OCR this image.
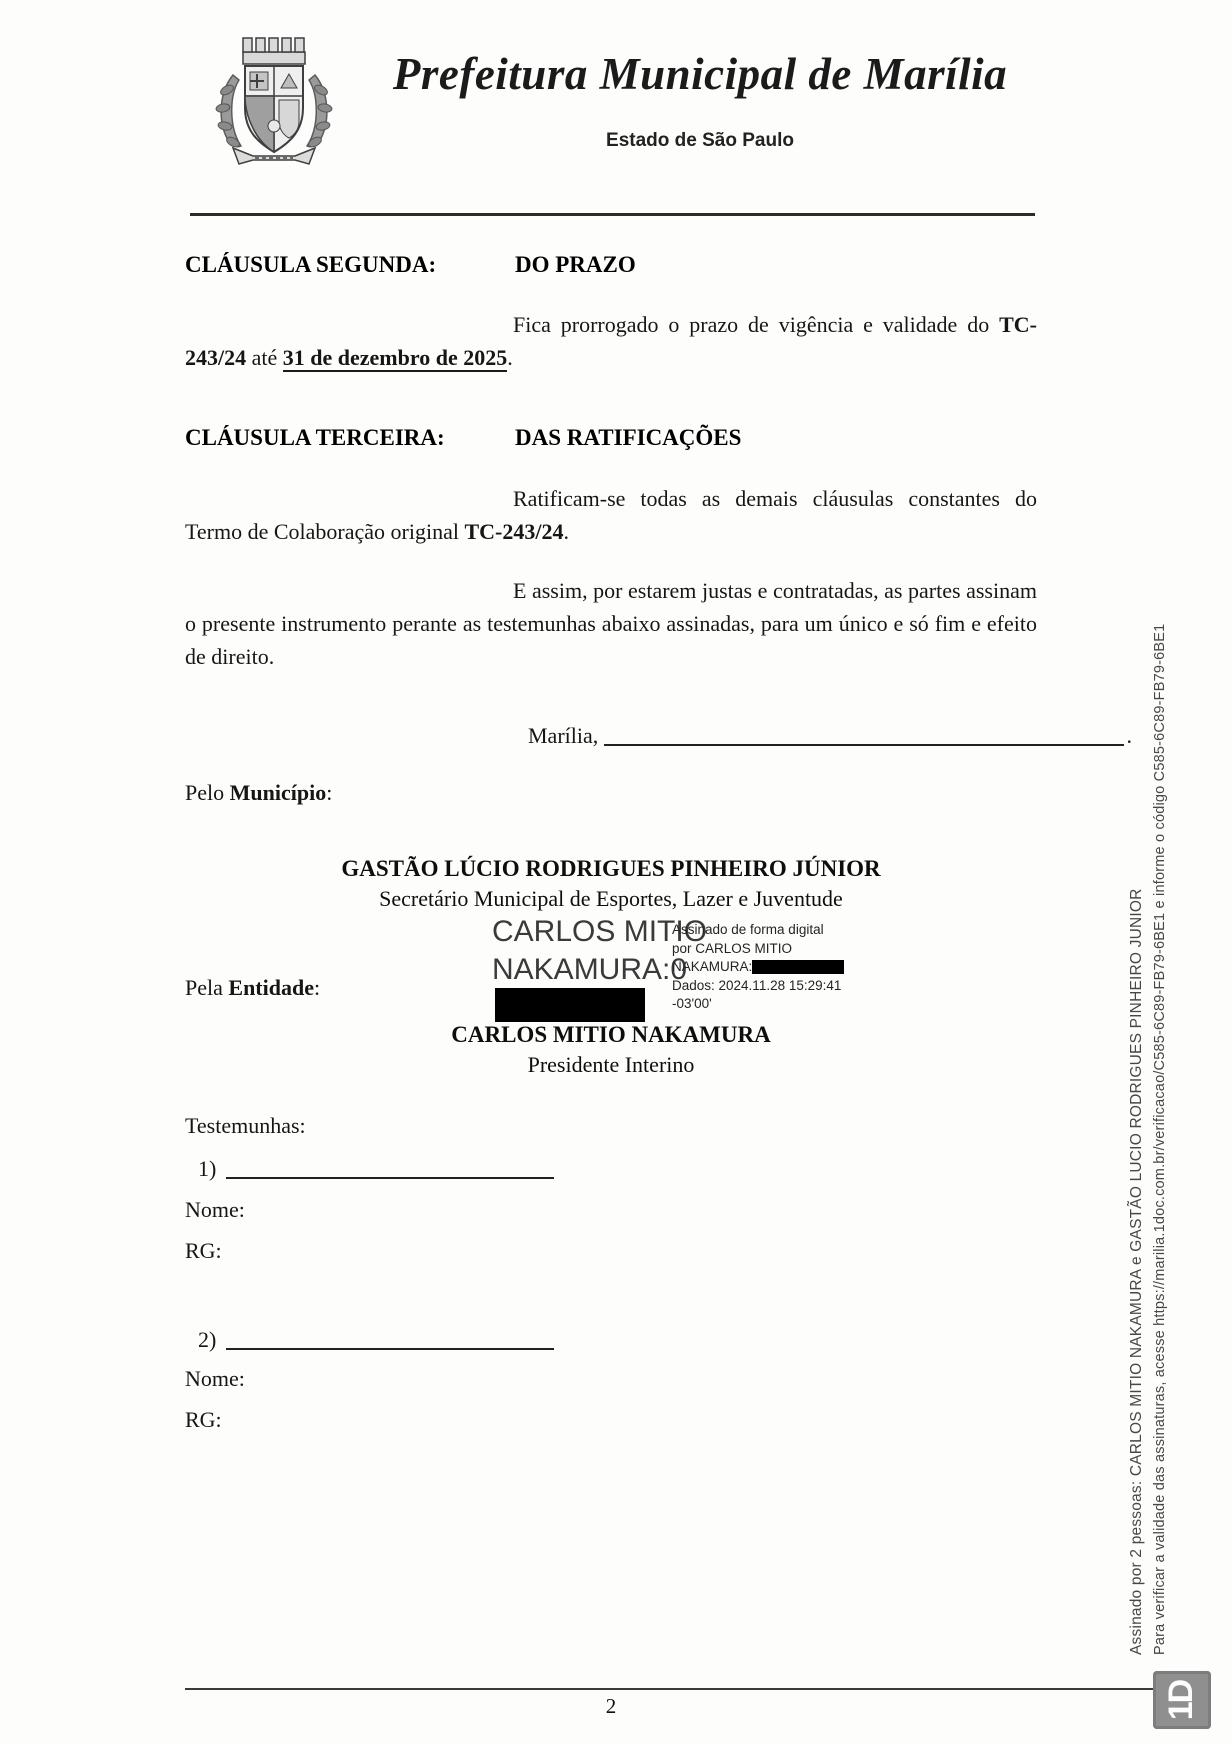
Prefeitura Municipal de Marília
Estado de São Paulo
CLÁUSULA SEGUNDA:	DO PRAZO

Fica prorrogado o prazo de vigência e validade do TC-243/24 até 31 de dezembro de 2025.

CLÁUSULA TERCEIRA:	DAS RATIFICAÇÕES

Ratificam-se todas as demais cláusulas constantes do Termo de Colaboração original TC-243/24.

E assim, por estarem justas e contratadas, as partes assinam o presente instrumento perante as testemunhas abaixo assinadas, para um único e só fim e efeito de direito.

Marília,	.
Pelo Município:
GASTÃO LÚCIO RODRIGUES PINHEIRO JÚNIOR
Secretário Municipal de Esportes, Lazer e Juventude
CARLOS MITIO
NAKAMURA:0
Assinado de forma digital
por CARLOS MITIO
NAKAMURA:
Dados: 2024.11.28 15:29:41
-03'00'
Pela Entidade:
CARLOS MITIO NAKAMURA
Presidente Interino
Testemunhas:
1)
Nome:
RG:
2)
Nome:
RG:
2
Assinado por 2 pessoas: CARLOS MITIO NAKAMURA e GASTÃO LUCIO RODRIGUES PINHEIRO JUNIOR Para verificar a validade das assinaturas, acesse https://marilia.1doc.com.br/verificacao/C585-6C89-FB79-6BE1 e informe o código C585-6C89-FB79-6BE1
1D
